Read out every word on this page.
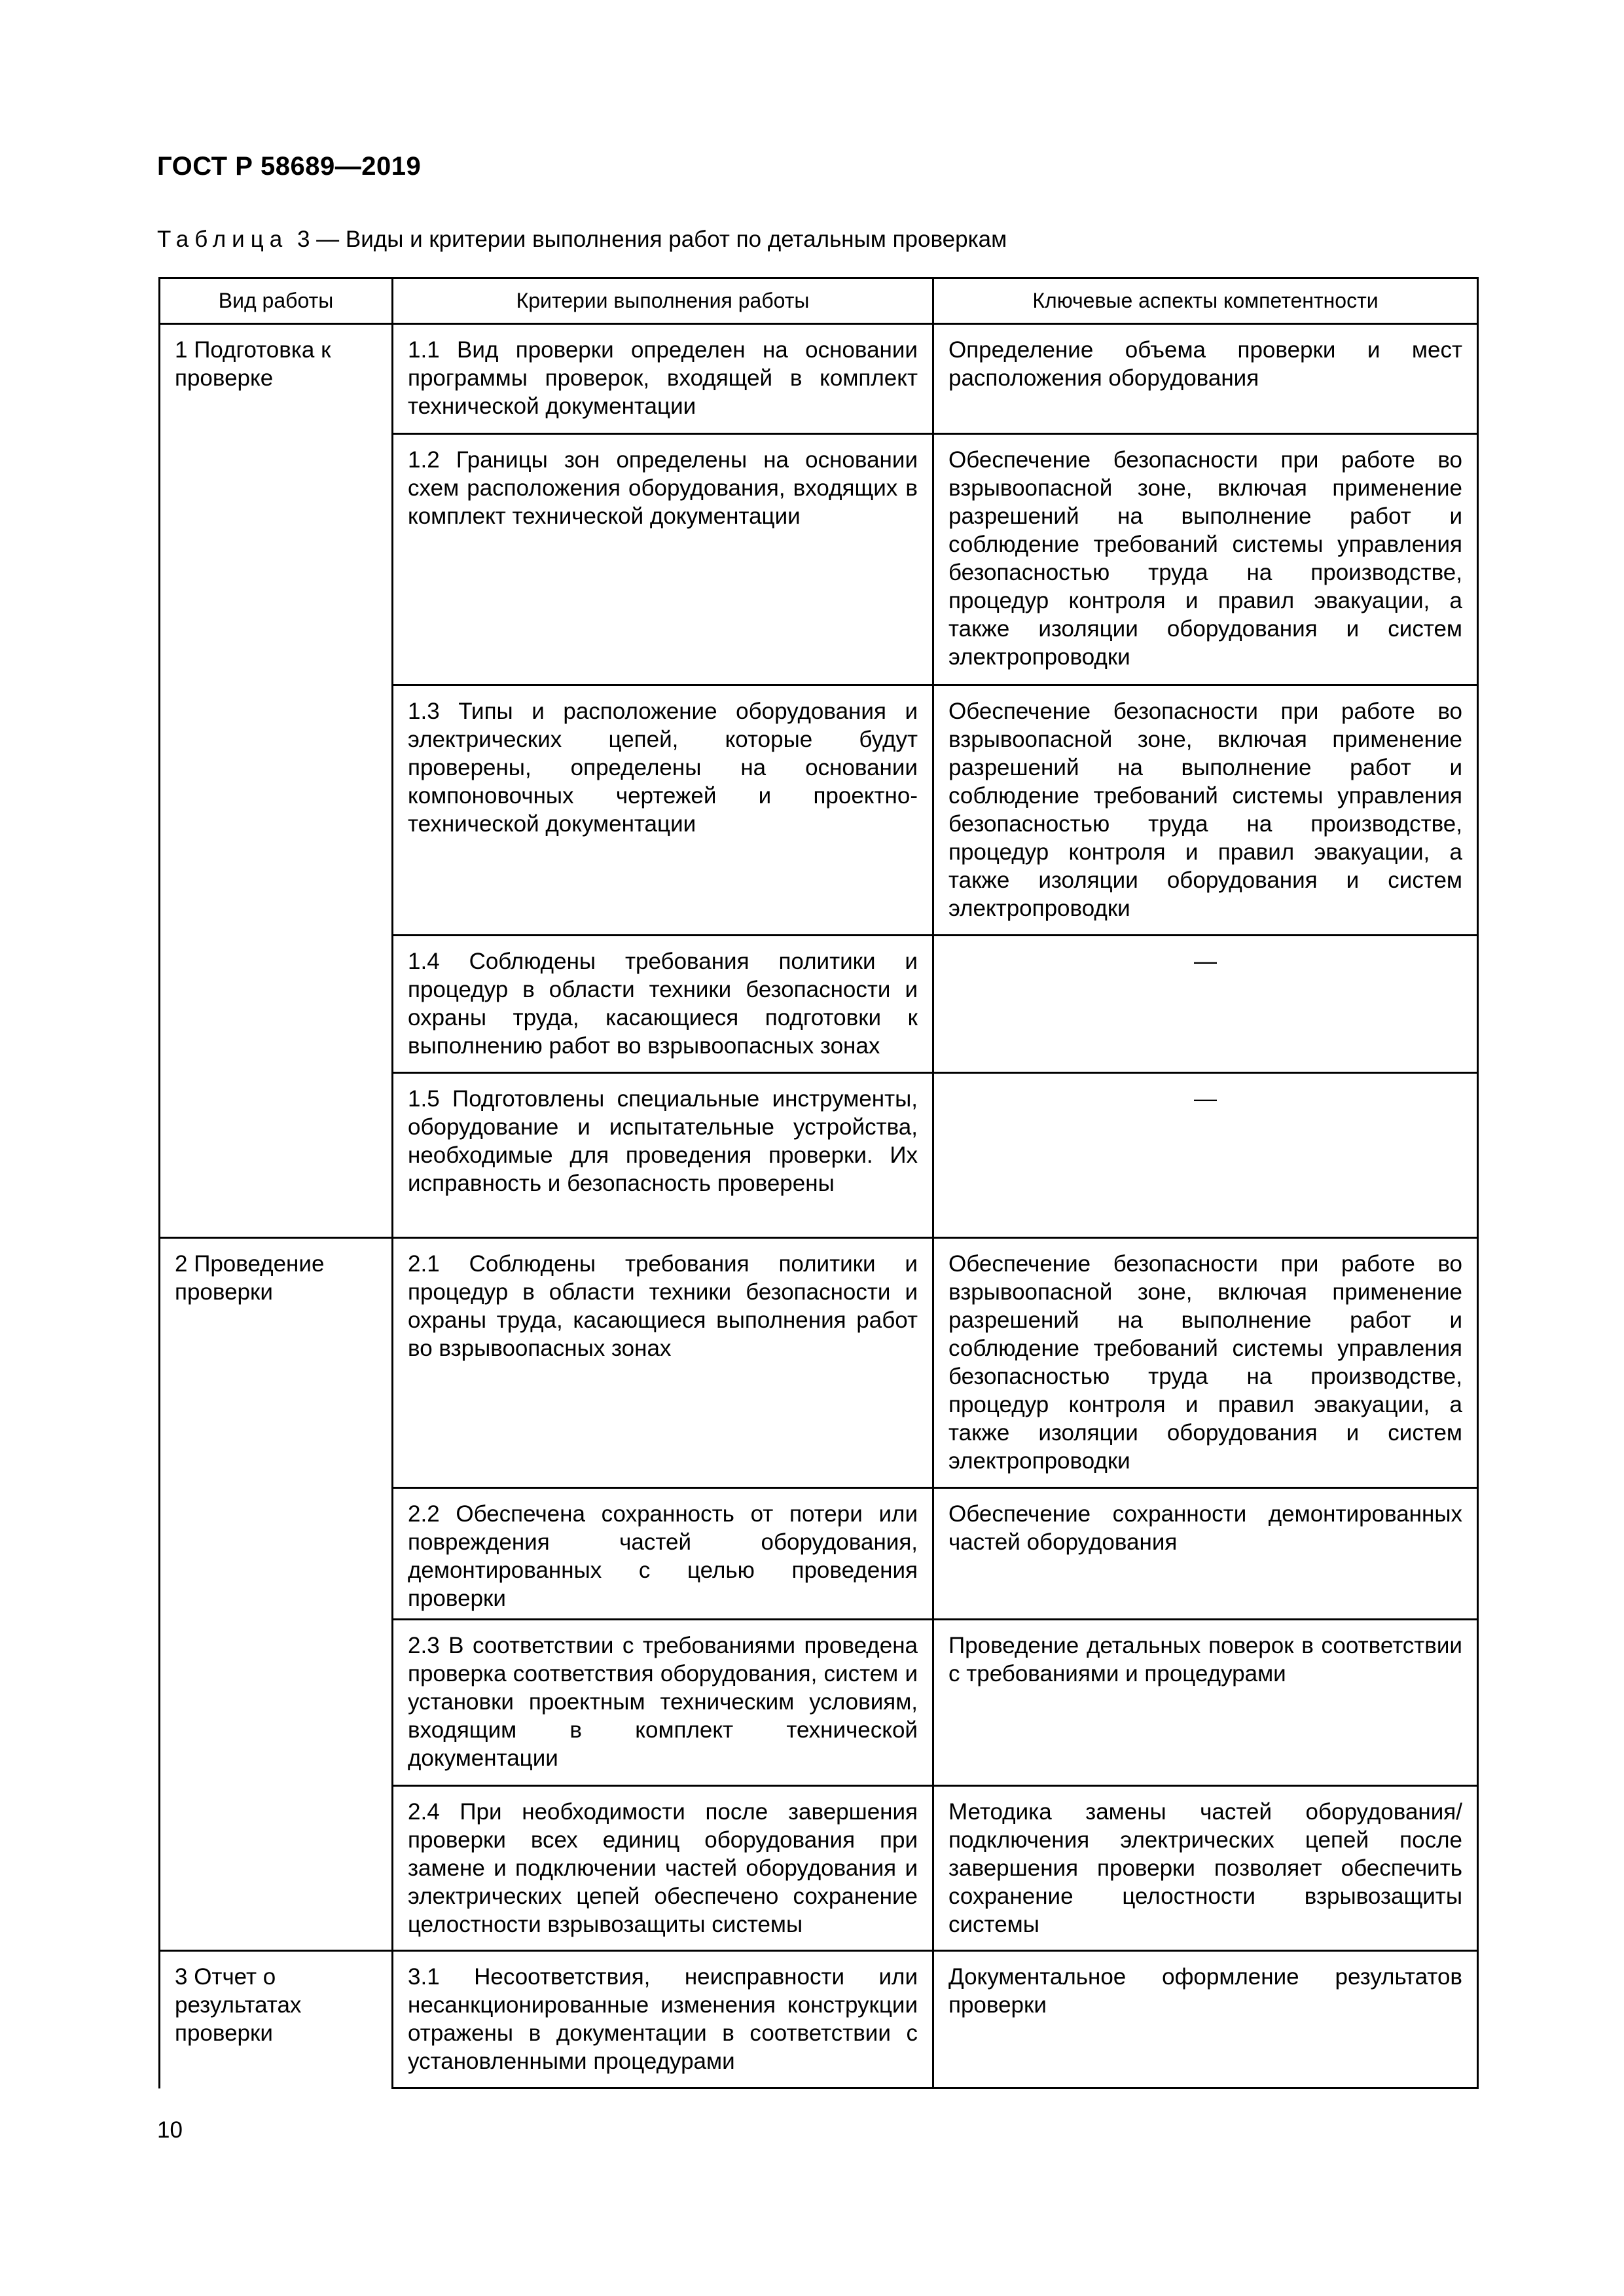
ГОСТ Р 58689—2019
Таблица 3 — Виды и критерии выполнения работ по детальным проверкам
Вид работы	Критерии выполнения работы	Ключевые аспекты компетентности
1 Подготовка к проверке	1.1 Вид проверки определен на основании программы проверок, входящей в комплект технической документации	Определение объема проверки и мест расположения оборудования
	1.2 Границы зон определены на основании схем расположения оборудования, входящих в комплект технической документации	Обеспечение безопасности при работе во взрывоопасной зоне, включая применение разрешений на выполнение работ и соблюдение требований системы управления безопасностью труда на производстве, процедур контроля и правил эвакуации, а также изоляции оборудования и систем электропроводки
	1.3 Типы и расположение оборудования и электрических цепей, которые будут проверены, определены на основании компоновочных чертежей и проектно-технической документации	Обеспечение безопасности при работе во взрывоопасной зоне, включая применение разрешений на выполнение работ и соблюдение требований системы управления безопасностью труда на производстве, процедур контроля и правил эвакуации, а также изоляции оборудования и систем электропроводки
	1.4 Соблюдены требования политики и процедур в области техники безопасности и охраны труда, касающиеся подготовки к выполнению работ во взрывоопасных зонах	—
	1.5 Подготовлены специальные инструменты, оборудование и испытательные устройства, необходимые для проведения проверки. Их исправность и безопасность проверены	—
2 Проведение проверки	2.1 Соблюдены требования политики и процедур в области техники безопасности и охраны труда, касающиеся выполнения работ во взрывоопасных зонах	Обеспечение безопасности при работе во взрывоопасной зоне, включая применение разрешений на выполнение работ и соблюдение требований системы управления безопасностью труда на производстве, процедур контроля и правил эвакуации, а также изоляции оборудования и систем электропроводки
	2.2 Обеспечена сохранность от потери или повреждения частей оборудования, демонтированных с целью проведения проверки	Обеспечение сохранности демонтированных частей оборудования
	2.3 В соответствии с требованиями проведена проверка соответствия оборудования, систем и установки проектным техническим условиям, входящим в комплект технической документации	Проведение детальных поверок в соответствии с требованиями и процедурами
	2.4 При необходимости после завершения проверки всех единиц оборудования при замене и подключении частей оборудования и электрических цепей обеспечено сохранение целостности взрывозащиты системы	Методика замены частей оборудования/подключения электрических цепей после завершения проверки позволяет обеспечить сохранение целостности взрывозащиты системы
3 Отчет о результатах проверки	3.1 Несоответствия, неисправности или несанкционированные изменения конструкции отражены в документации в соответствии с установленными процедурами	Документальное оформление результатов проверки
10
